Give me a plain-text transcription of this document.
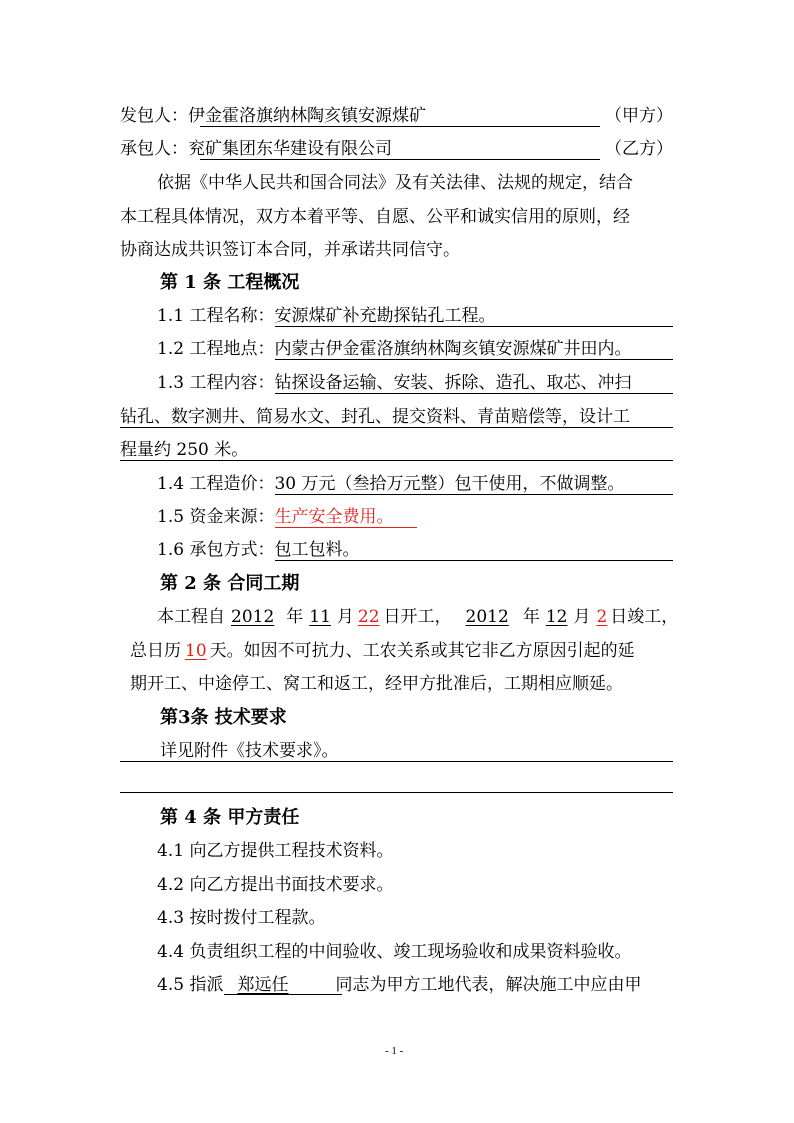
发包人：伊金霍洛旗纳林陶亥镇安源煤矿	（甲方）
承包人：兖矿集团东华建设有限公司	（乙方）
依据《中华人民共和国合同法》及有关法律、法规的规定，结合
本工程具体情况，双方本着平等、自愿、公平和诚实信用的原则，经
协商达成共识签订本合同，并承诺共同信守。
第 1 条 工程概况
1.1 工程名称：安源煤矿补充勘探钻孔工程。
1.2 工程地点：内蒙古伊金霍洛旗纳林陶亥镇安源煤矿井田内。
1.3 工程内容：钻探设备运输、安装、拆除、造孔、取芯、冲扫
钻孔、数字测井、简易水文、封孔、提交资料、青苗赔偿等，设计工
程量约 250 米。
1.4 工程造价：30 万元（叁拾万元整）包干使用，不做调整。
1.5 资金来源：生产安全费用。
1.6 承包方式：包工包料。
第 2 条 合同工期
本工程自 2012 年 11 月 22 日开工， 2012 年 12 月 2 日竣工，
总日历 10 天。如因不可抗力、工农关系或其它非乙方原因引起的延
期开工、中途停工、窝工和返工，经甲方批准后，工期相应顺延。
第3条 技术要求
详见附件《技术要求》。
第 4 条 甲方责任
4.1 向乙方提供工程技术资料。
4.2 向乙方提出书面技术要求。
4.3 按时拨付工程款。
4.4 负责组织工程的中间验收、竣工现场验收和成果资料验收。
4.5 指派 郑远任	同志为甲方工地代表，解决施工中应由甲
- 1 -
